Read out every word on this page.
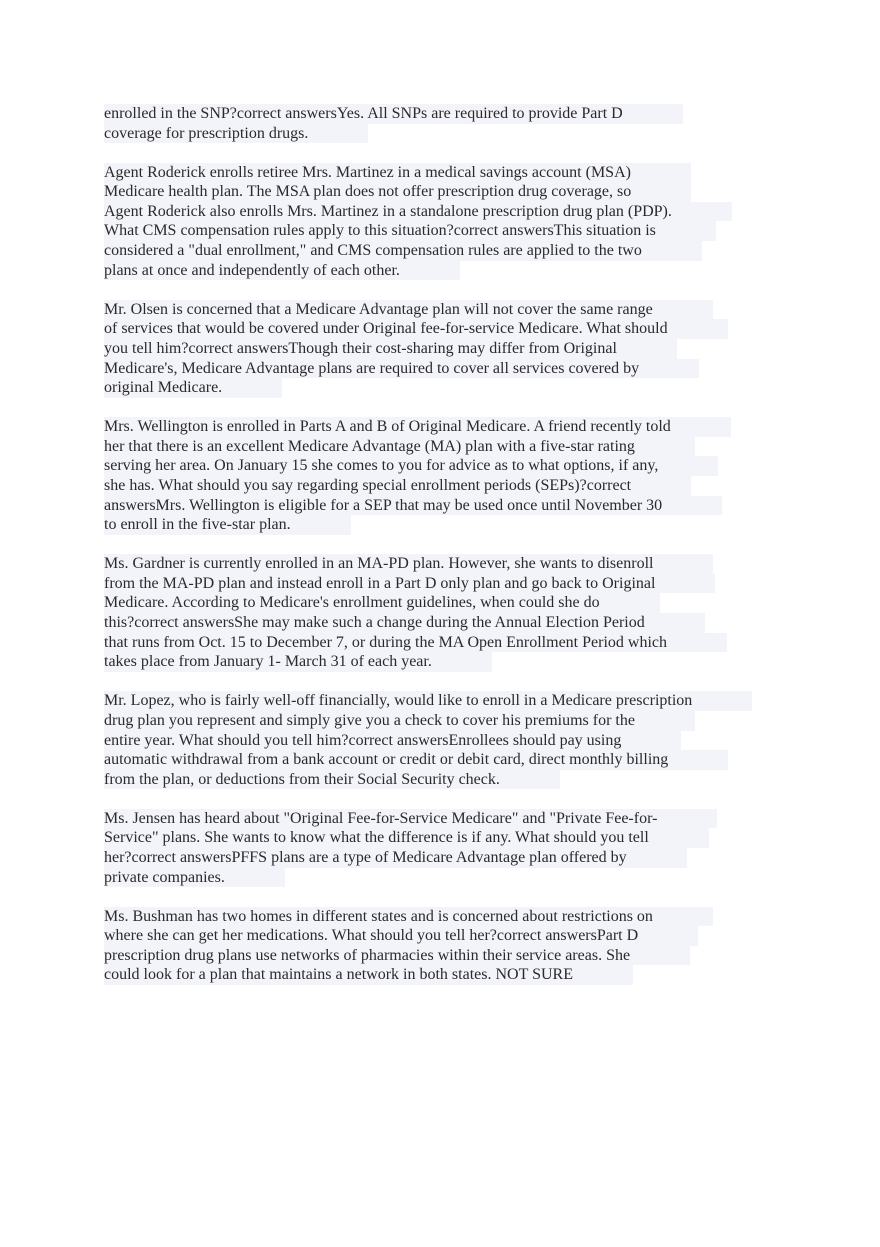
enrolled in the SNP?correct answersYes. All SNPs are required to provide Part D
coverage for prescription drugs.
Agent Roderick enrolls retiree Mrs. Martinez in a medical savings account (MSA)
Medicare health plan. The MSA plan does not offer prescription drug coverage, so
Agent Roderick also enrolls Mrs. Martinez in a standalone prescription drug plan (PDP).
What CMS compensation rules apply to this situation?correct answersThis situation is
considered a "dual enrollment," and CMS compensation rules are applied to the two
plans at once and independently of each other.
Mr. Olsen is concerned that a Medicare Advantage plan will not cover the same range
of services that would be covered under Original fee-for-service Medicare. What should
you tell him?correct answersThough their cost-sharing may differ from Original
Medicare's, Medicare Advantage plans are required to cover all services covered by
original Medicare.
Mrs. Wellington is enrolled in Parts A and B of Original Medicare. A friend recently told
her that there is an excellent Medicare Advantage (MA) plan with a five-star rating
serving her area. On January 15 she comes to you for advice as to what options, if any,
she has. What should you say regarding special enrollment periods (SEPs)?correct
answersMrs. Wellington is eligible for a SEP that may be used once until November 30
to enroll in the five-star plan.
Ms. Gardner is currently enrolled in an MA-PD plan. However, she wants to disenroll
from the MA-PD plan and instead enroll in a Part D only plan and go back to Original
Medicare. According to Medicare's enrollment guidelines, when could she do
this?correct answersShe may make such a change during the Annual Election Period
that runs from Oct. 15 to December 7, or during the MA Open Enrollment Period which
takes place from January 1- March 31 of each year.
Mr. Lopez, who is fairly well-off financially, would like to enroll in a Medicare prescription
drug plan you represent and simply give you a check to cover his premiums for the
entire year. What should you tell him?correct answersEnrollees should pay using
automatic withdrawal from a bank account or credit or debit card, direct monthly billing
from the plan, or deductions from their Social Security check.
Ms. Jensen has heard about "Original Fee-for-Service Medicare" and "Private Fee-for-
Service" plans. She wants to know what the difference is if any. What should you tell
her?correct answersPFFS plans are a type of Medicare Advantage plan offered by
private companies.
Ms. Bushman has two homes in different states and is concerned about restrictions on
where she can get her medications. What should you tell her?correct answersPart D
prescription drug plans use networks of pharmacies within their service areas. She
could look for a plan that maintains a network in both states. NOT SURE
